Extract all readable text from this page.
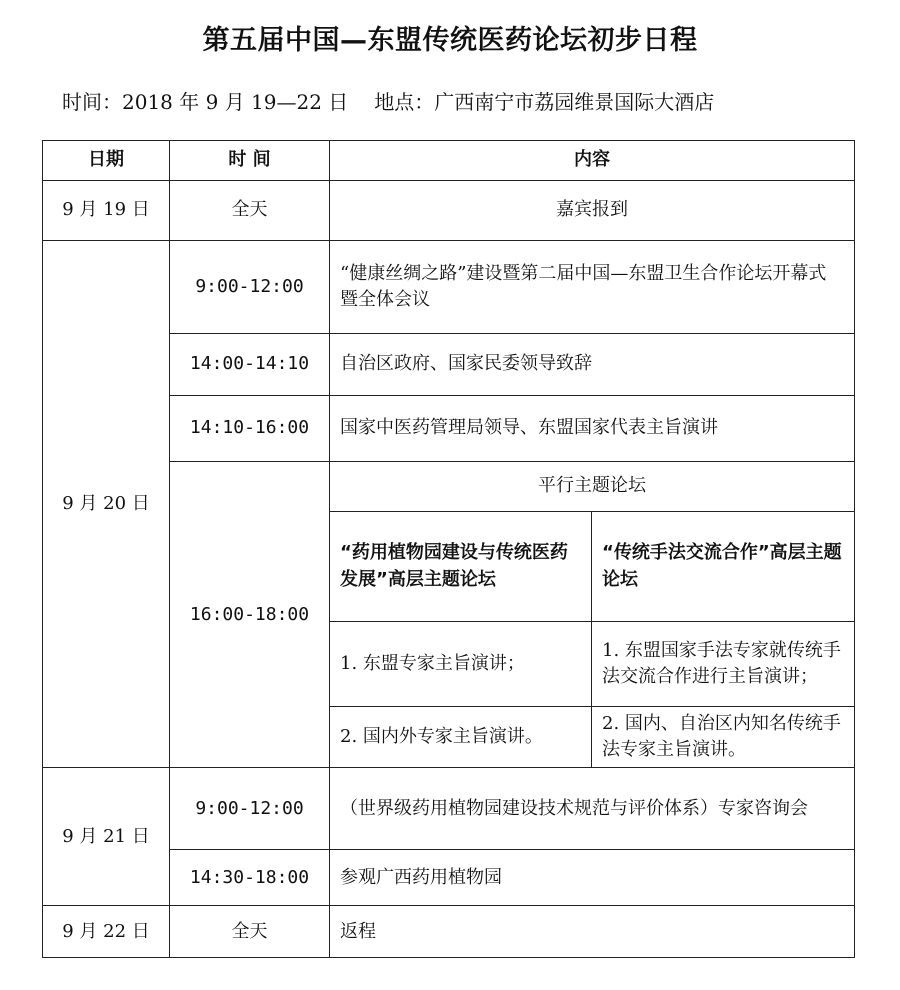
第五届中国—东盟传统医药论坛初步日程
时间：2018 年 9 月 19—22 日 地点：广西南宁市荔园维景国际大酒店
日期	时 间	内容	
9 月 19 日	全天	嘉宾报到	
9 月 20 日	9:00-12:00	“健康丝绸之路”建设暨第二届中国—东盟卫生合作论坛开幕式暨全体会议	
	14:00-14:10	自治区政府、国家民委领导致辞	
	14:10-16:00	国家中医药管理局领导、东盟国家代表主旨演讲	
	16:00-18:00	平行主题论坛	
		“药用植物园建设与传统医药发展”高层主题论坛	“传统手法交流合作”高层主题论坛
		1. 东盟专家主旨演讲；	1. 东盟国家手法专家就传统手法交流合作进行主旨演讲；
		2. 国内外专家主旨演讲。	2. 国内、自治区内知名传统手法专家主旨演讲。
9 月 21 日	9:00-12:00	（世界级药用植物园建设技术规范与评价体系）专家咨询会	
	14:30-18:00	参观广西药用植物园	
9 月 22 日	全天	返程	
